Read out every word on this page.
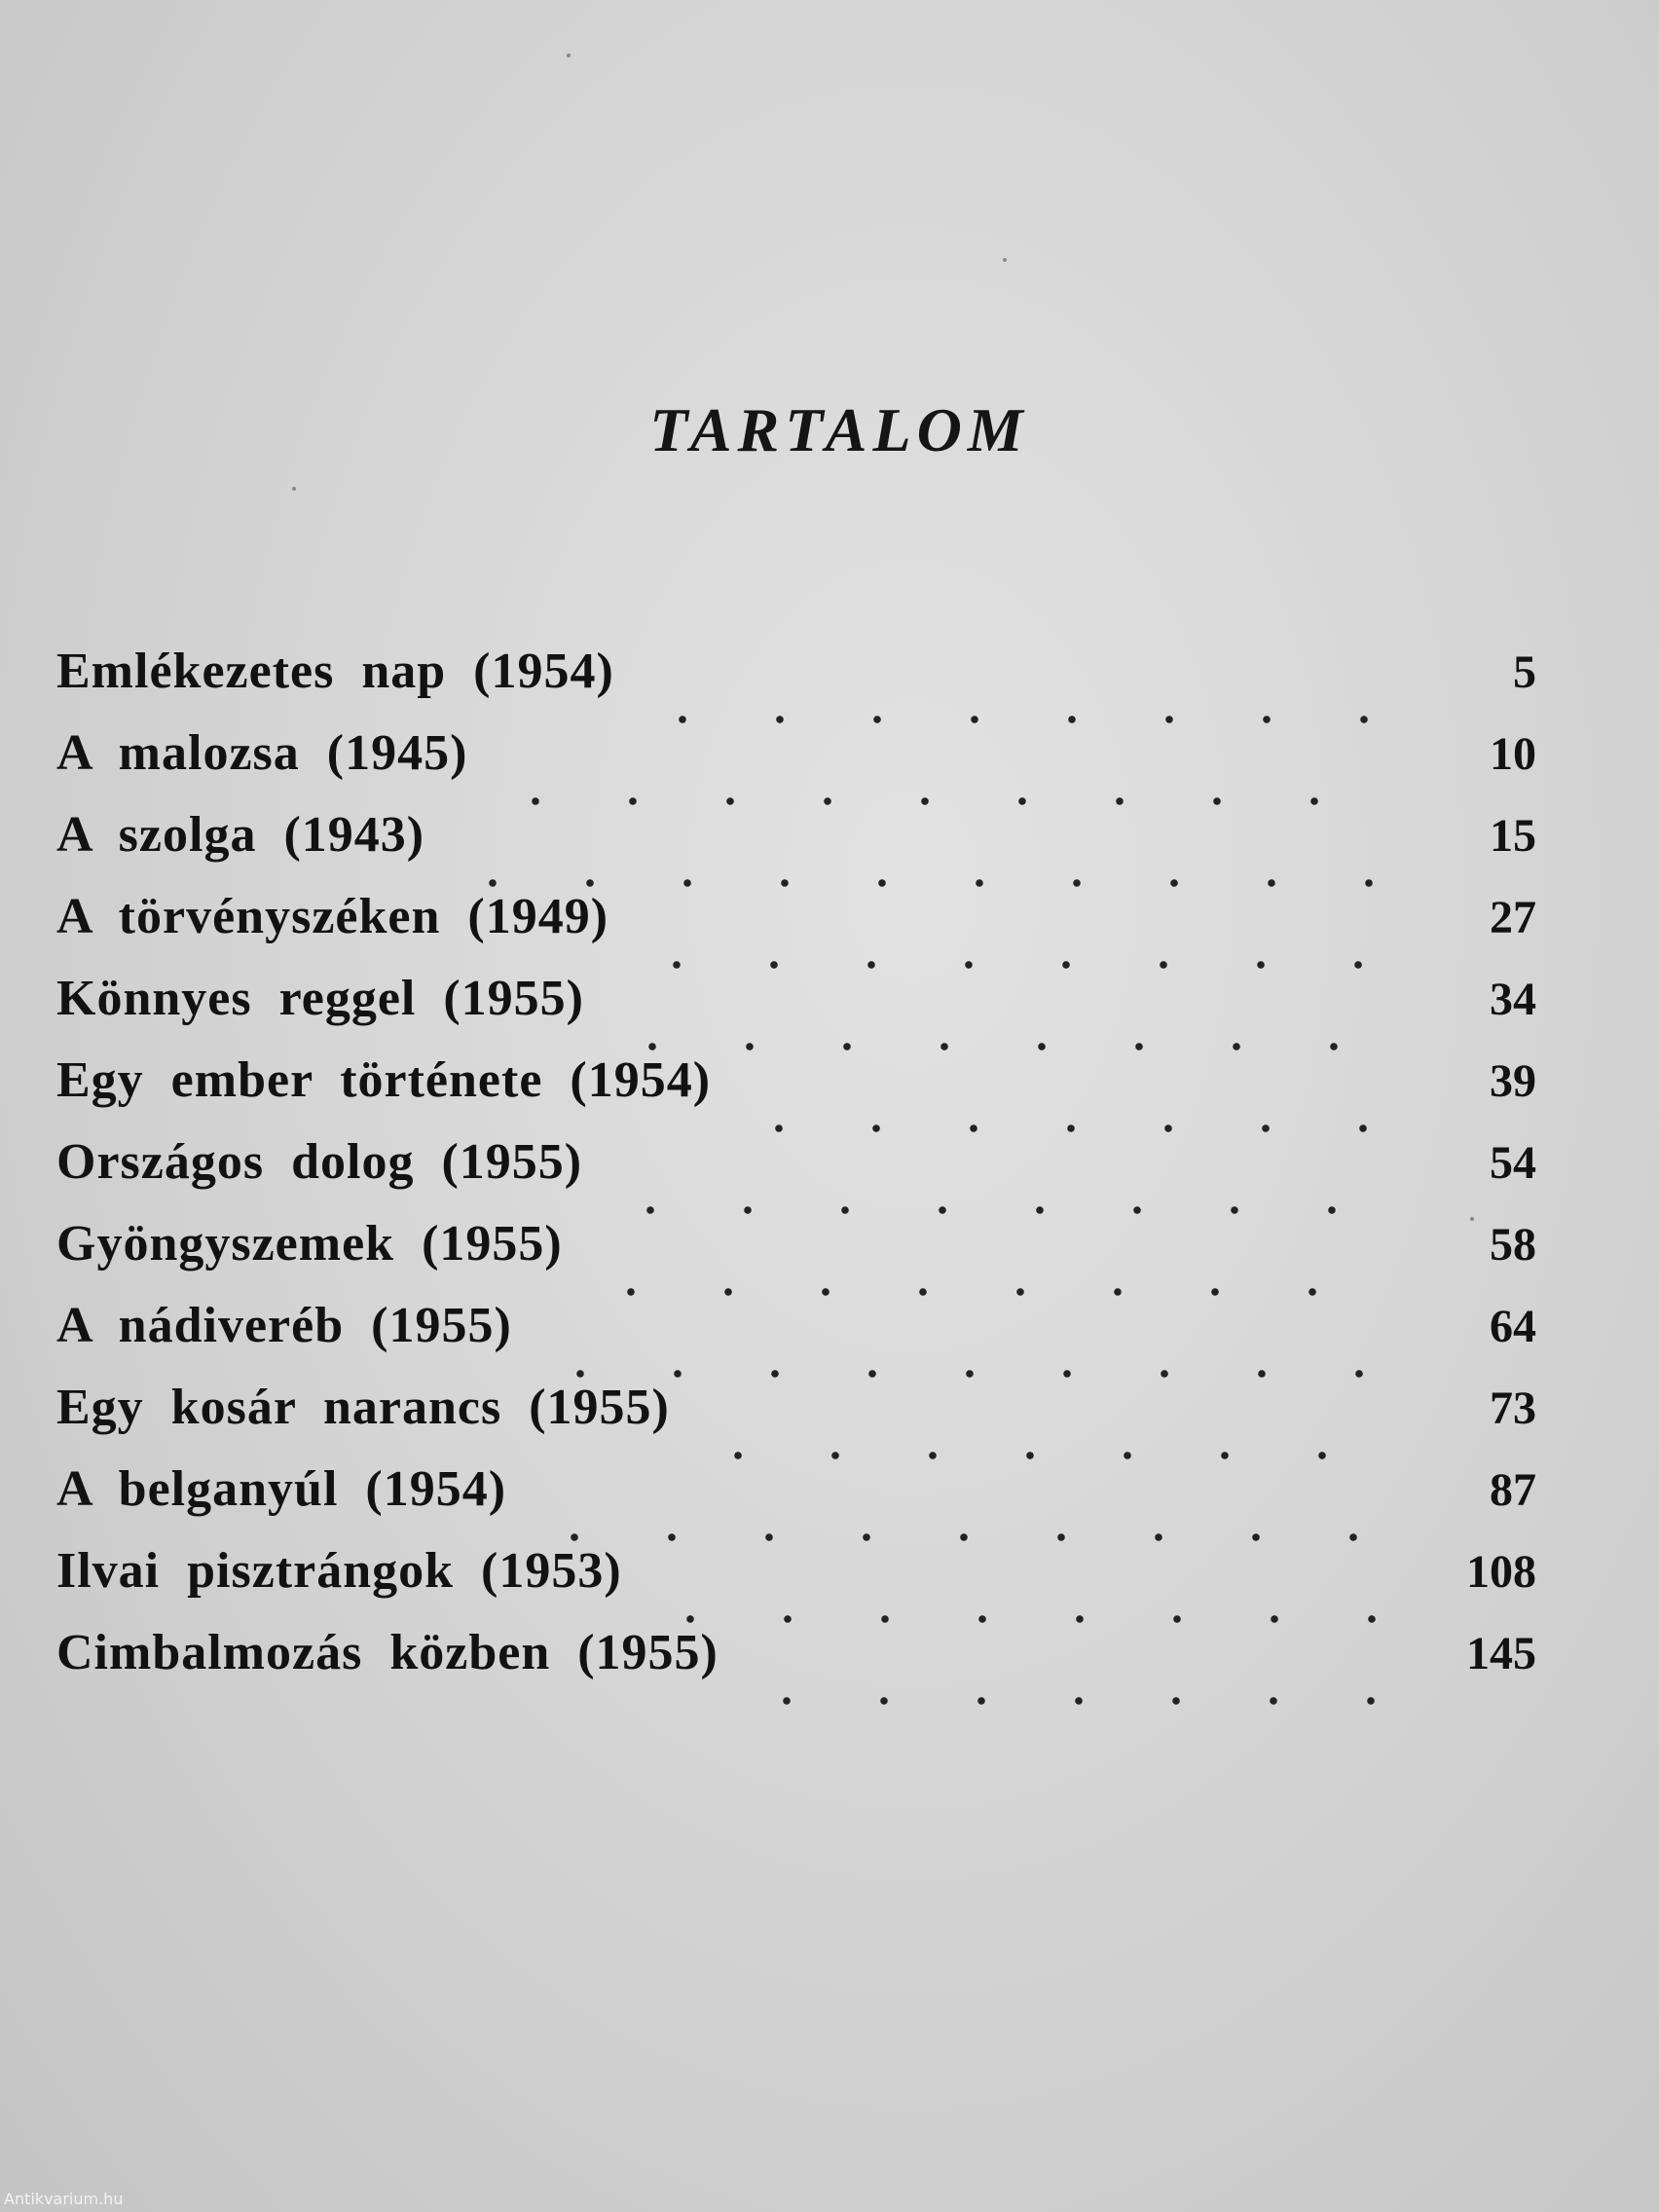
TARTALOM
Emlékezetes nap (1954)	5
A malozsa (1945)	10
A szolga (1943)	15
A törvényszéken (1949)	27
Könnyes reggel (1955)	34
Egy ember története (1954)	39
Országos dolog (1955)	54
Gyöngyszemek (1955)	58
A nádiveréb (1955)	64
Egy kosár narancs (1955)	73
A belganyúl (1954)	87
Ilvai pisztrángok (1953)	108
Cimbalmozás közben (1955)	145
Antikvarium.hu
